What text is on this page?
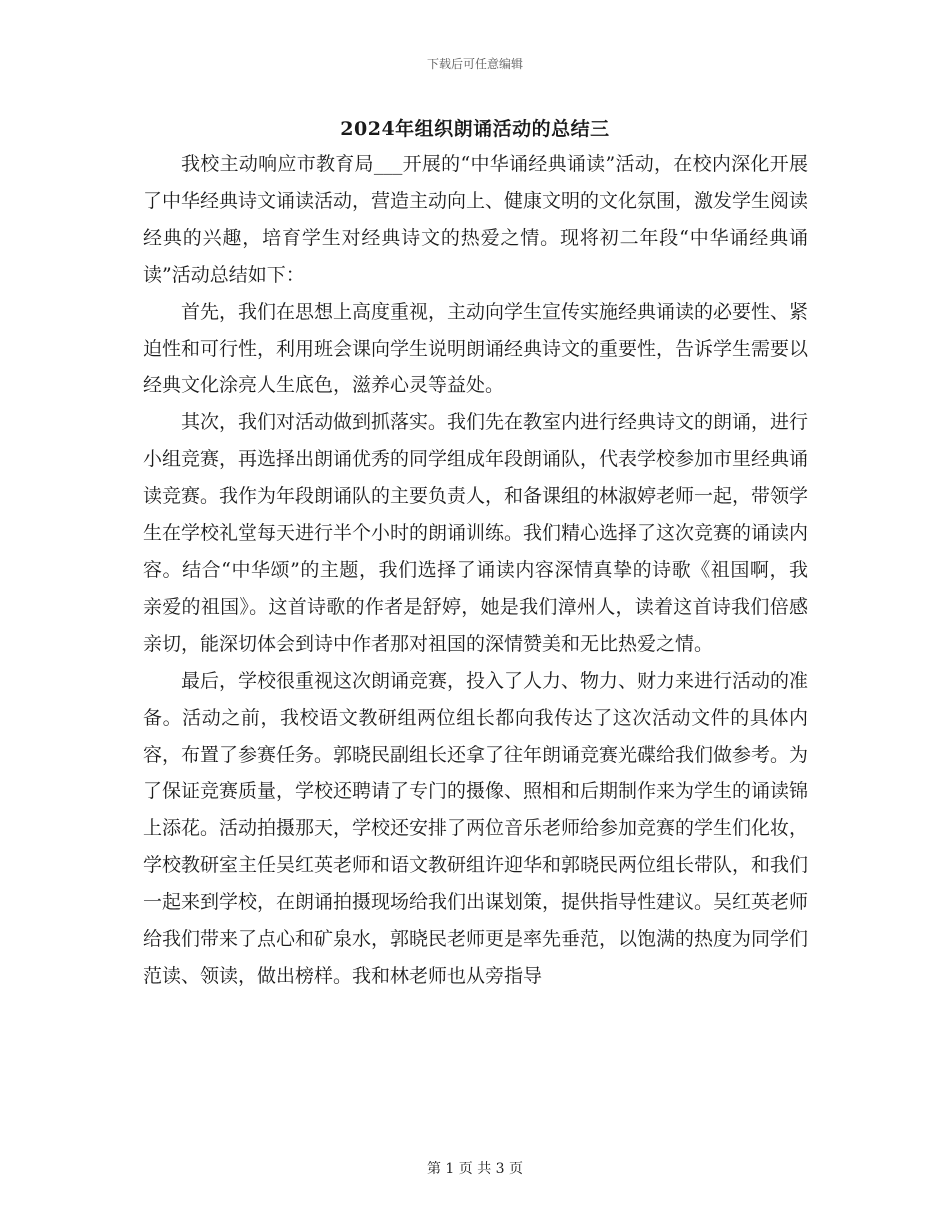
下载后可任意编辑
2024年组织朗诵活动的总结三

我校主动响应市教育局___开展的“中华诵经典诵读”活动，在校内深化开展了中华经典诗文诵读活动，营造主动向上、健康文明的文化氛围，激发学生阅读经典的兴趣，培育学生对经典诗文的热爱之情。现将初二年段“中华诵经典诵读”活动总结如下：

首先，我们在思想上高度重视，主动向学生宣传实施经典诵读的必要性、紧迫性和可行性，利用班会课向学生说明朗诵经典诗文的重要性，告诉学生需要以经典文化涂亮人生底色，滋养心灵等益处。

其次，我们对活动做到抓落实。我们先在教室内进行经典诗文的朗诵，进行小组竞赛，再选择出朗诵优秀的同学组成年段朗诵队，代表学校参加市里经典诵读竞赛。我作为年段朗诵队的主要负责人，和备课组的林淑婷老师一起，带领学生在学校礼堂每天进行半个小时的朗诵训练。我们精心选择了这次竞赛的诵读内容。结合“中华颂”的主题，我们选择了诵读内容深情真挚的诗歌《祖国啊，我亲爱的祖国》。这首诗歌的作者是舒婷，她是我们漳州人，读着这首诗我们倍感亲切，能深切体会到诗中作者那对祖国的深情赞美和无比热爱之情。

最后，学校很重视这次朗诵竞赛，投入了人力、物力、财力来进行活动的准备。活动之前，我校语文教研组两位组长都向我传达了这次活动文件的具体内容，布置了参赛任务。郭晓民副组长还拿了往年朗诵竞赛光碟给我们做参考。为了保证竞赛质量，学校还聘请了专门的摄像、照相和后期制作来为学生的诵读锦上添花。活动拍摄那天，学校还安排了两位音乐老师给参加竞赛的学生们化妆，学校教研室主任吴红英老师和语文教研组许迎华和郭晓民两位组长带队，和我们一起来到学校，在朗诵拍摄现场给我们出谋划策，提供指导性建议。吴红英老师给我们带来了点心和矿泉水，郭晓民老师更是率先垂范，以饱满的热度为同学们范读、领读，做出榜样。我和林老师也从旁指导

第 1 页 共 3 页
